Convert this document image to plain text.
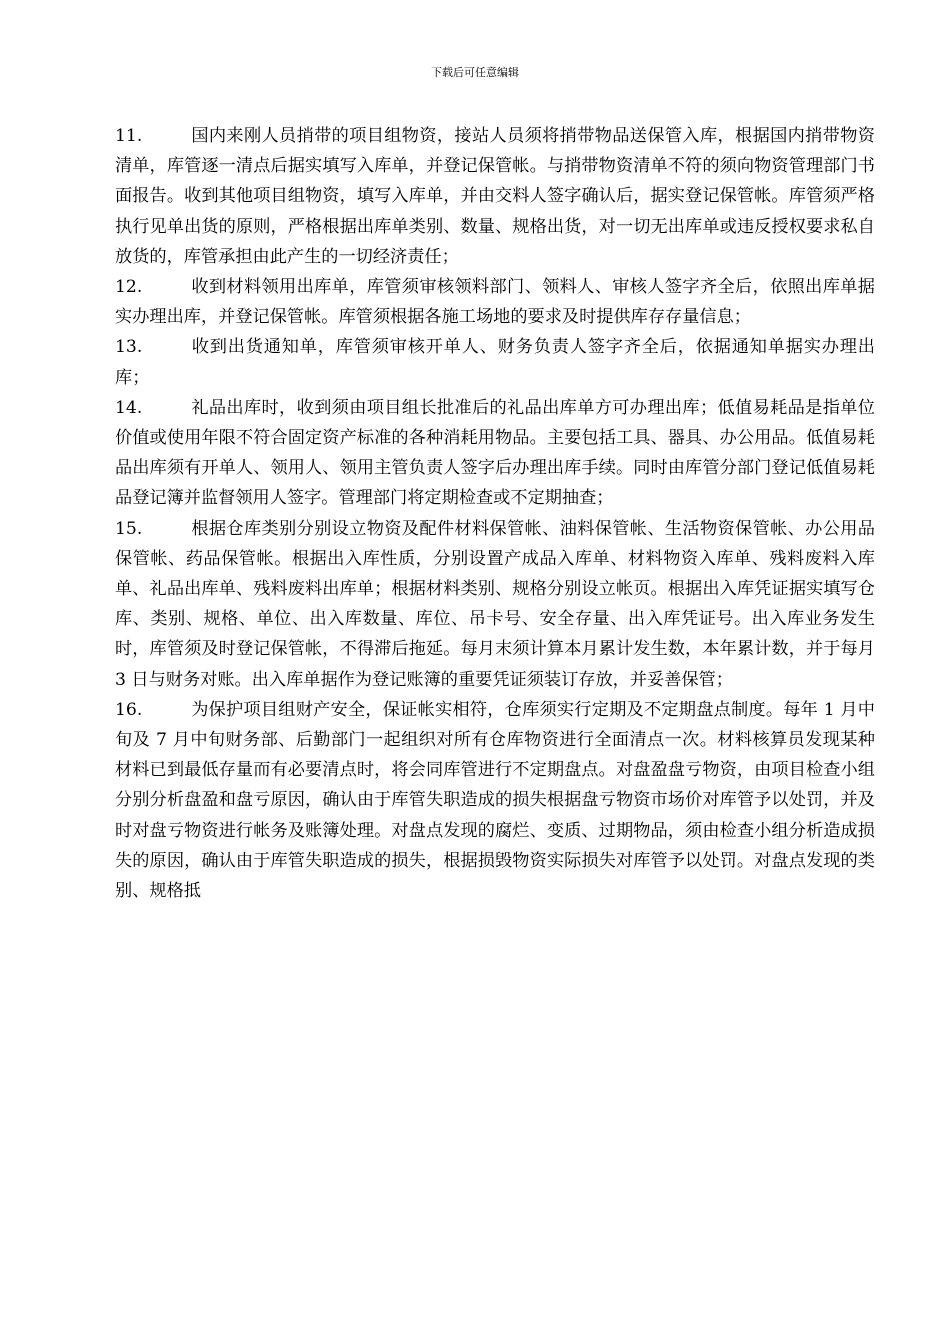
下载后可任意编辑

11.	国内来刚人员捎带的项目组物资，接站人员须将捎带物品送保管入库，根据国内捎带物资清单，库管逐一清点后据实填写入库单，并登记保管帐。与捎带物资清单不符的须向物资管理部门书面报告。收到其他项目组物资，填写入库单，并由交料人签字确认后，据实登记保管帐。库管须严格执行见单出货的原则，严格根据出库单类别、数量、规格出货，对一切无出库单或违反授权要求私自放货的，库管承担由此产生的一切经济责任；

12.	收到材料领用出库单，库管须审核领料部门、领料人、审核人签字齐全后，依照出库单据实办理出库，并登记保管帐。库管须根据各施工场地的要求及时提供库存存量信息；

13.	收到出货通知单，库管须审核开单人、财务负责人签字齐全后，依据通知单据实办理出库；

14.	礼品出库时，收到须由项目组长批准后的礼品出库单方可办理出库；低值易耗品是指单位价值或使用年限不符合固定资产标准的各种消耗用物品。主要包括工具、器具、办公用品。低值易耗品出库须有开单人、领用人、领用主管负责人签字后办理出库手续。同时由库管分部门登记低值易耗品登记簿并监督领用人签字。管理部门将定期检查或不定期抽查；

15.	根据仓库类别分别设立物资及配件材料保管帐、油料保管帐、生活物资保管帐、办公用品保管帐、药品保管帐。根据出入库性质，分别设置产成品入库单、材料物资入库单、残料废料入库单、礼品出库单、残料废料出库单；根据材料类别、规格分别设立帐页。根据出入库凭证据实填写仓库、类别、规格、单位、出入库数量、库位、吊卡号、安全存量、出入库凭证号。出入库业务发生时，库管须及时登记保管帐，不得滞后拖延。每月末须计算本月累计发生数，本年累计数，并于每月 3 日与财务对账。出入库单据作为登记账簿的重要凭证须装订存放，并妥善保管；

16.	为保护项目组财产安全，保证帐实相符，仓库须实行定期及不定期盘点制度。每年 1 月中旬及 7 月中旬财务部、后勤部门一起组织对所有仓库物资进行全面清点一次。材料核算员发现某种材料已到最低存量而有必要清点时，将会同库管进行不定期盘点。对盘盈盘亏物资，由项目检查小组分别分析盘盈和盘亏原因，确认由于库管失职造成的损失根据盘亏物资市场价对库管予以处罚，并及时对盘亏物资进行帐务及账簿处理。对盘点发现的腐烂、变质、过期物品，须由检查小组分析造成损失的原因，确认由于库管失职造成的损失，根据损毁物资实际损失对库管予以处罚。对盘点发现的类别、规格抵
